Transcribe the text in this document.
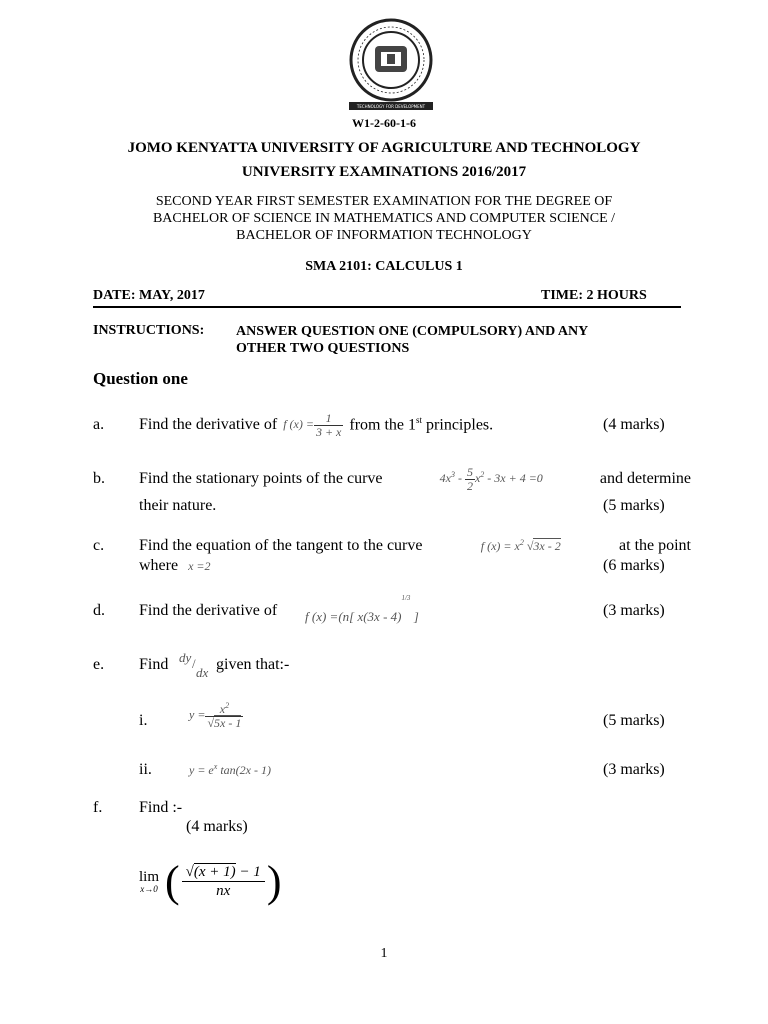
TECHNOLOGY FOR DEVELOPMENT
W1-2-60-1-6
JOMO KENYATTA UNIVERSITY OF AGRICULTURE AND TECHNOLOGY
UNIVERSITY EXAMINATIONS 2016/2017
SECOND YEAR FIRST SEMESTER EXAMINATION FOR THE DEGREE OF
BACHELOR OF SCIENCE IN MATHEMATICS AND COMPUTER SCIENCE /
BACHELOR OF INFORMATION TECHNOLOGY
SMA 2101: CALCULUS 1
DATE: MAY, 2017	TIME: 2 HOURS
INSTRUCTIONS: ANSWER QUESTION ONE (COMPULSORY) AND ANY
OTHER TWO QUESTIONS
Question one
a. Find the derivative of f $(x) = \frac{1}{3 + x}$ from the 1st principles.	(4 marks)
b. Find the stationary points of the curve	$4x^3 - \frac{5}{2} x^2 - 3x + 4 =0$	and determine
their nature.	(5 marks)
c. Find the equation of the tangent to the curve	f $(x) = x^2$ √3x - 2	at the point
where x =2	(6 marks)
d. Find the derivative of f (x) =(n[ x(3x - 4)$^{1/3}$ ]	(3 marks)
e. Find dy /
dx given that:-
i.	$y = \frac{x^2}{√5x - 1}$	(5 marks)
ii.	$y = e^x$ tan(2x - 1)	(3 marks)
f. Find :-
(4 marks)
lim
x→0 ( $\frac{√(x + 1) - 1}{nx}$ )
1
